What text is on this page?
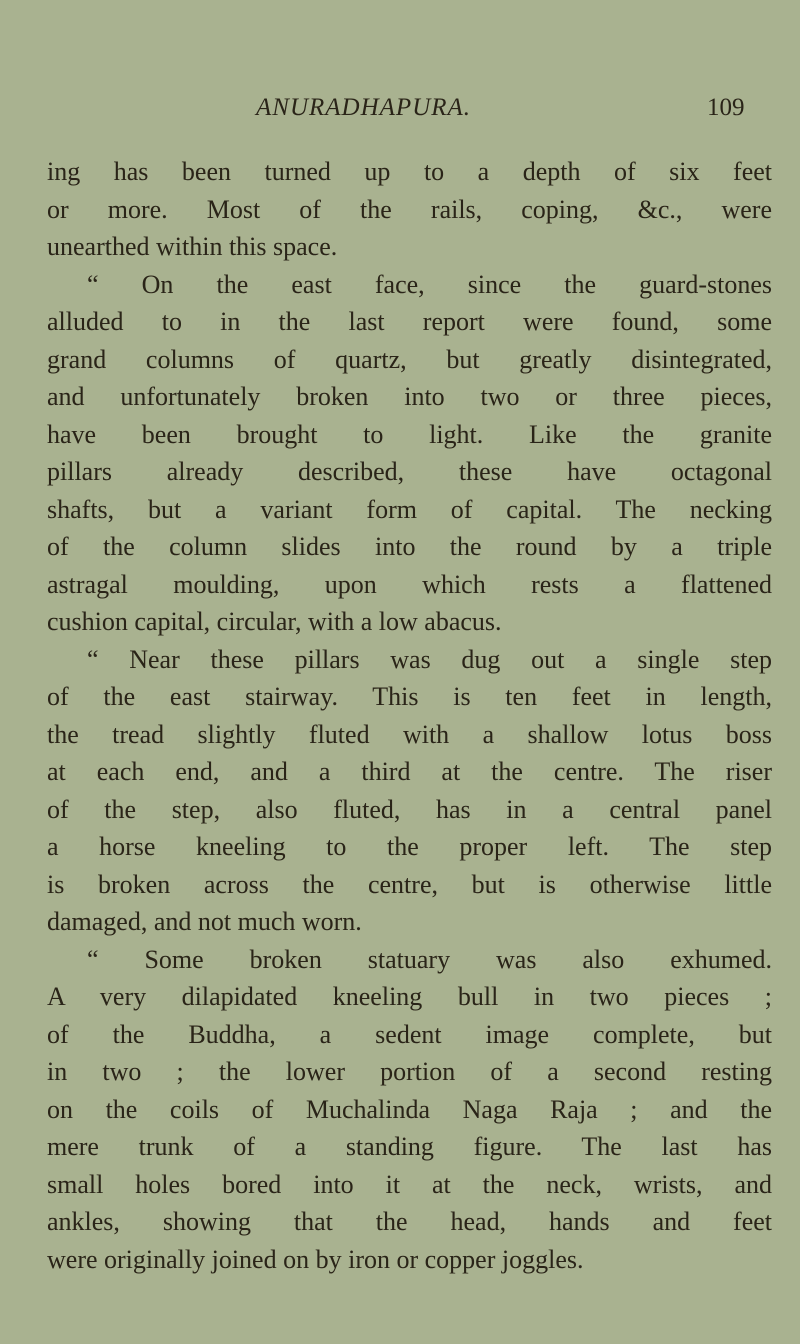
ANURADHAPURA.	109
ing has been turned up to a depth of six feet
or more. Most of the rails, coping, &c., were
unearthed within this space.
“ On the east face, since the guard-stones
alluded to in the last report were found, some
grand columns of quartz, but greatly disintegrated,
and unfortunately broken into two or three pieces,
have been brought to light. Like the granite
pillars already described, these have octagonal
shafts, but a variant form of capital. The necking
of the column slides into the round by a triple
astragal moulding, upon which rests a flattened
cushion capital, circular, with a low abacus.
“ Near these pillars was dug out a single step
of the east stairway. This is ten feet in length,
the tread slightly fluted with a shallow lotus boss
at each end, and a third at the centre. The riser
of the step, also fluted, has in a central panel
a horse kneeling to the proper left. The step
is broken across the centre, but is otherwise little
damaged, and not much worn.
“ Some broken statuary was also exhumed.
A very dilapidated kneeling bull in two pieces ;
of the Buddha, a sedent image complete, but
in two ; the lower portion of a second resting
on the coils of Muchalinda Naga Raja ; and the
mere trunk of a standing figure. The last has
small holes bored into it at the neck, wrists, and
ankles, showing that the head, hands and feet
were originally joined on by iron or copper joggles.
